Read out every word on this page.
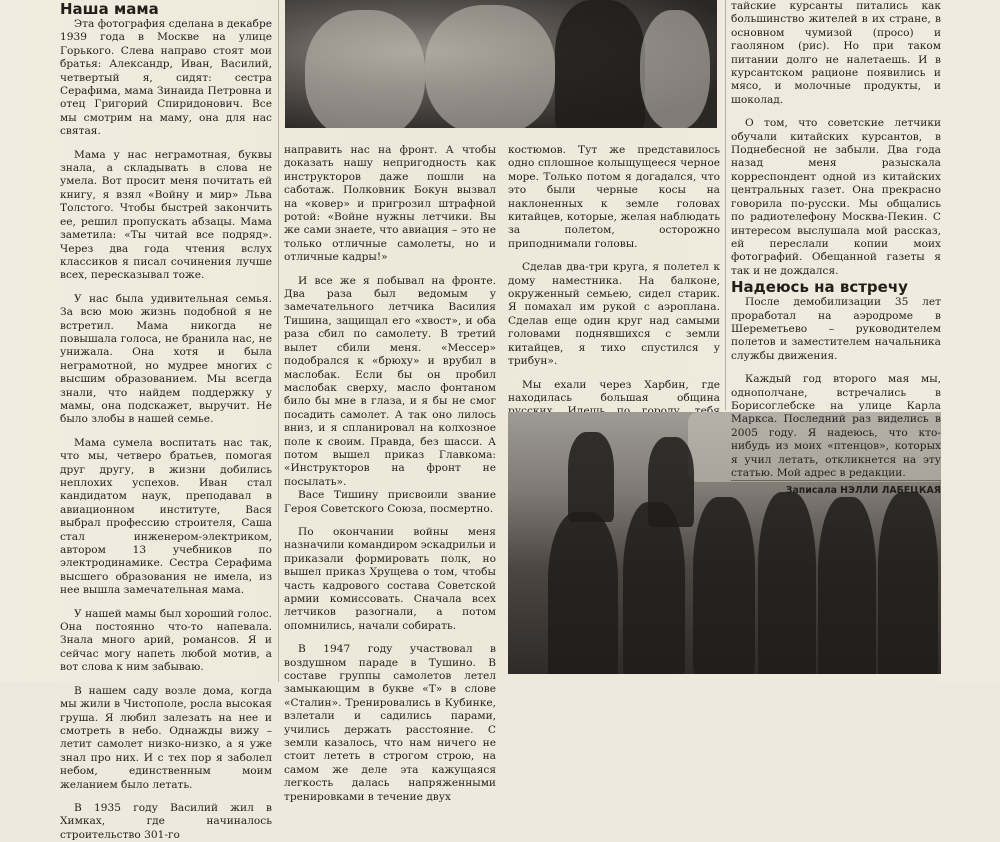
Наша мама

Эта фотография сделана в декабре 1939 года в Москве на улице Горького. Слева направо стоят мои братья: Александр, Иван, Василий, четвертый я, сидят: сестра Серафима, мама Зинаида Петровна и отец Григорий Спиридонович. Все мы смотрим на маму, она для нас святая.

Мама у нас неграмотная, буквы знала, а складывать в слова не умела. Вот просит меня почитать ей книгу, я взял «Войну и мир» Льва Толстого. Чтобы быстрей закончить ее, решил пропускать абзацы. Мама заметила: «Ты читай все подряд». Через два года чтения вслух классиков я писал сочинения лучше всех, пересказывал тоже.

У нас была удивительная семья. За всю мою жизнь подобной я не встретил. Мама никогда не повышала голоса, не бранила нас, не унижала. Она хотя и была неграмотной, но мудрее многих с высшим образованием. Мы всегда знали, что найдем поддержку у мамы, она подскажет, выручит. Не было злобы в нашей семье.

Мама сумела воспитать нас так, что мы, четверо братьев, помогая друг другу, в жизни добились неплохих успехов. Иван стал кандидатом наук, преподавал в авиационном институте, Вася выбрал профессию строителя, Саша стал инженером-электриком, автором 13 учебников по электродинамике. Сестра Серафима высшего образования не имела, из нее вышла замечательная мама.

У нашей мамы был хороший голос. Она постоянно что-то напевала. Знала много арий, романсов. Я и сейчас могу напеть любой мотив, а вот слова к ним забываю.

В нашем саду возле дома, когда мы жили в Чистополе, росла высокая груша. Я любил залезать на нее и смотреть в небо. Однажды вижу – летит самолет низко-низко, а я уже знал про них. И с тех пор я заболел небом, единственным моим желанием было летать.

В 1935 году Василий жил в Химках, где начиналось строительство 301-го

направить нас на фронт. А чтобы доказать нашу непригодность как инструкторов даже пошли на саботаж. Полковник Бокун вызвал на «ковер» и пригрозил штрафной ротой: «Войне нужны летчики. Вы же сами знаете, что авиация – это не только отличные самолеты, но и отличные кадры!»

И все же я побывал на фронте. Два раза был ведомым у замечательного летчика Василия Тишина, защищал его «хвост», и оба раза сбил по самолету. В третий вылет сбили меня. «Мессер» подобрался к «брюху» и врубил в маслобак. Если бы он пробил маслобак сверху, масло фонтаном било бы мне в глаза, и я бы не смог посадить самолет. А так оно лилось вниз, и я спланировал на колхозное поле к своим. Правда, без шасси. А потом вышел приказ Главкома: «Инструкторов на фронт не посылать».

Васе Тишину присвоили звание Героя Советского Союза, посмертно.

По окончании войны меня назначили командиром эскадрильи и приказали формировать полк, но вышел приказ Хрущева о том, чтобы часть кадрового состава Советской армии комиссовать. Сначала всех летчиков разогнали, а потом опомнились, начали собирать.

В 1947 году участвовал в воздушном параде в Тушино. В составе группы самолетов летел замыкающим в букве «Т» в слове «Сталин». Тренировались в Кубинке, взлетали и садились парами, учились держать расстояние. С земли казалось, что нам ничего не стоит лететь в строгом строю, на самом же деле эта кажущаяся легкость далась напряженными тренировками в течение двух

костюмов. Тут же представилось одно сплошное колыщущееся черное море. Только потом я догадался, что это были черные косы на наклоненных к земле головах китайцев, которые, желая наблюдать за полетом, осторожно приподнимали головы.

Сделав два-три круга, я полетел к дому наместника. На балконе, окруженный семьею, сидел старик. Я помахал им рукой с аэроплана. Сделав еще один круг над самыми головами поднявшихся с земли китайцев, я тихо спустился у трибун».

Мы ехали через Харбин, где находилась большая община

тайские курсанты питались как большинство жителей в их стране, в основном чумизой (просо) и гаоляном (рис). Но при таком питании долго не налетаешь. И в курсантском рационе появились и мясо, и молочные продукты, и шоколад.

О том, что советские летчики обучали китайских курсантов, в Поднебесной не забыли. Два года назад меня разыскала корреспондент одной из китайских центральных газет. Она прекрасно говорила по-русски. Мы общались по радиотелефону Москва-Пекин. С интересом выслушала мой рассказ, ей переслали копии моих фотографий. Обещанной газеты я так и не дождался.

Надеюсь на встречу

После демобилизации 35 лет проработал на аэродроме в Шереметьево – руководителем полетов и заместителем начальника службы движения.

Каждый год второго мая мы, однополчане, встречались в Борисоглебске на улице Карла Маркса. Последний раз виделись в 2005 году. Я надеюсь, что кто-нибудь из моих «птенцов», которых я учил летать, откликнется на эту статью. Мой адрес в редакции.

Записала НЭЛЛИ ЛАБЕЦКАЯ
